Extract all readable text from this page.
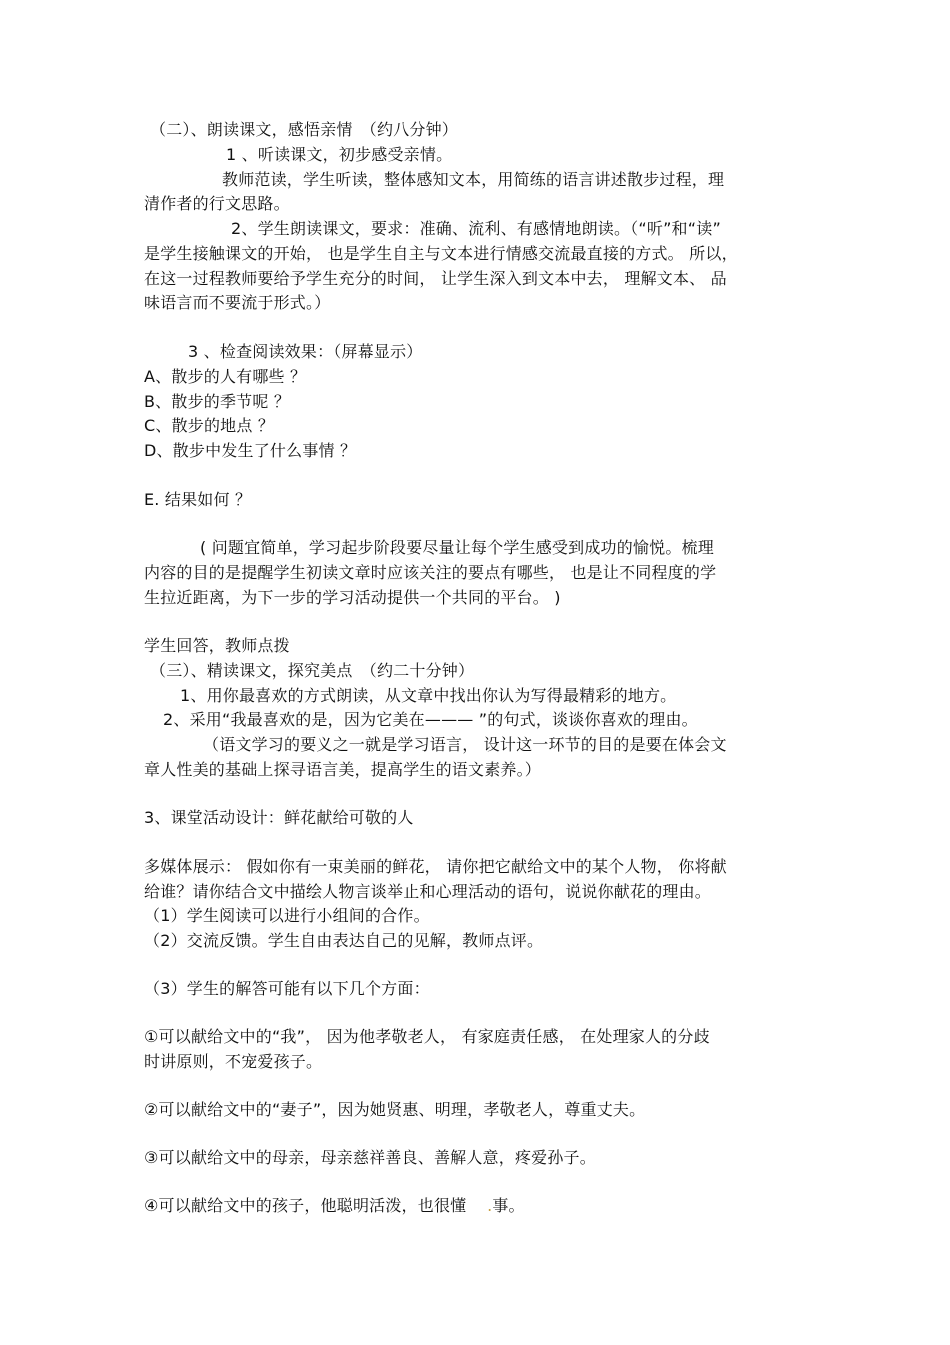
（二）、朗读课文，感悟亲情　（约八分钟）
1 、听读课文，初步感受亲情。
教师范读，学生听读，整体感知文本，用简练的语言讲述散步过程，理
清作者的行文思路。
2、学生朗读课文，要求：准确、流利、有感情地朗读。（“听”和“读”
是学生接触课文的开始， 也是学生自主与文本进行情感交流最直接的方式。 所以，
在这一过程教师要给予学生充分的时间， 让学生深入到文本中去， 理解文本、 品
味语言而不要流于形式。）
3 、检查阅读效果：（屏幕显示）
A、散步的人有哪些 ？
B、散步的季节呢 ？
C、散步的地点 ？
D、散步中发生了什么事情 ？
E. 结果如何 ？
( 问题宜简单，学习起步阶段要尽量让每个学生感受到成功的愉悦。梳理
内容的目的是提醒学生初读文章时应该关注的要点有哪些， 也是让不同程度的学
生拉近距离，为下一步的学习活动提供一个共同的平台。 )
学生回答，教师点拨
（三）、精读课文，探究美点　（约二十分钟）
1、用你最喜欢的方式朗读，从文章中找出你认为写得最精彩的地方。
2、采用“我最喜欢的是，因为它美在——— ”的句式，谈谈你喜欢的理由。
（语文学习的要义之一就是学习语言， 设计这一环节的目的是要在体会文
章人性美的基础上探寻语言美，提高学生的语文素养。）
3、课堂活动设计：鲜花献给可敬的人
多媒体展示： 假如你有一束美丽的鲜花， 请你把它献给文中的某个人物， 你将献
给谁？请你结合文中描绘人物言谈举止和心理活动的语句，说说你献花的理由。
（1）学生阅读可以进行小组间的合作。
（2）交流反馈。学生自由表达自己的见解，教师点评。
（3）学生的解答可能有以下几个方面：
①可以献给文中的“我”， 因为他孝敬老人， 有家庭责任感， 在处理家人的分歧
时讲原则，不宠爱孩子。
②可以献给文中的“妻子”，因为她贤惠、明理，孝敬老人，尊重丈夫。
③可以献给文中的母亲，母亲慈祥善良、善解人意，疼爱孙子。
④可以献给文中的孩子，他聪明活泼，也很懂 .事。
